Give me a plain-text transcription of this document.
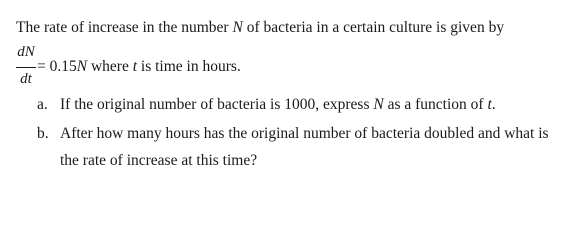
The rate of increase in the number N of bacteria in a certain culture is given by
dN
dt
= 0.15N where t is time in hours.
a. If the original number of bacteria is 1000, express N as a function of t.
b. After how many hours has the original number of bacteria doubled and what is
the rate of increase at this time?
